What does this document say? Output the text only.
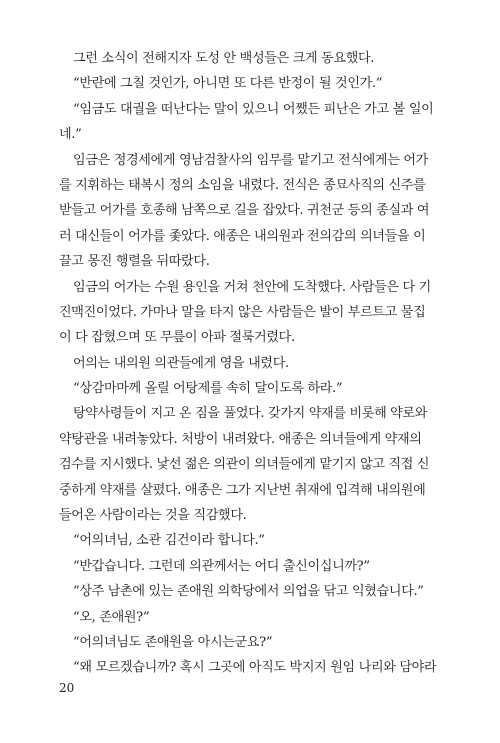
그런 소식이 전해지자 도성 안 백성들은 크게 동요했다.
“반란에 그칠 것인가, 아니면 또 다른 반정이 될 것인가.”
“임금도 대궐을 떠난다는 말이 있으니 어쨌든 피난은 가고 볼 일이
네.”
임금은 정경세에게 영남검찰사의 임무를 맡기고 전식에게는 어가
를 지휘하는 태복시 정의 소임을 내렸다. 전식은 종묘사직의 신주를
받들고 어가를 호종해 남쪽으로 길을 잡았다. 귀천군 등의 종실과 여
러 대신들이 어가를 좇았다. 애종은 내의원과 전의감의 의녀들을 이
끌고 몽진 행렬을 뒤따랐다.
임금의 어가는 수원 용인을 거쳐 천안에 도착했다. 사람들은 다 기
진맥진이었다. 가마나 말을 타지 않은 사람들은 발이 부르트고 물집
이 다 잡혔으며 또 무릎이 아파 절룩거렸다.
어의는 내의원 의관들에게 영을 내렸다.
“상감마마께 올릴 어탕제를 속히 달이도록 하라.”
탕약사령들이 지고 온 짐을 풀었다. 갖가지 약재를 비롯해 약로와
약탕관을 내려놓았다. 처방이 내려왔다. 애종은 의녀들에게 약재의
검수를 지시했다. 낯선 젊은 의관이 의녀들에게 맡기지 않고 직접 신
중하게 약재를 살폈다. 애종은 그가 지난번 취재에 입격해 내의원에
들어온 사람이라는 것을 직감했다.
“어의녀님, 소관 김건이라 합니다.”
“반갑습니다. 그런데 의관께서는 어디 출신이십니까?”
“상주 남촌에 있는 존애원 의학당에서 의업을 닦고 익혔습니다.”
“오, 존애원?”
“어의녀님도 존애원을 아시는군요?”
“왜 모르겠습니까? 혹시 그곳에 아직도 박지지 원임 나리와 담야라
20
